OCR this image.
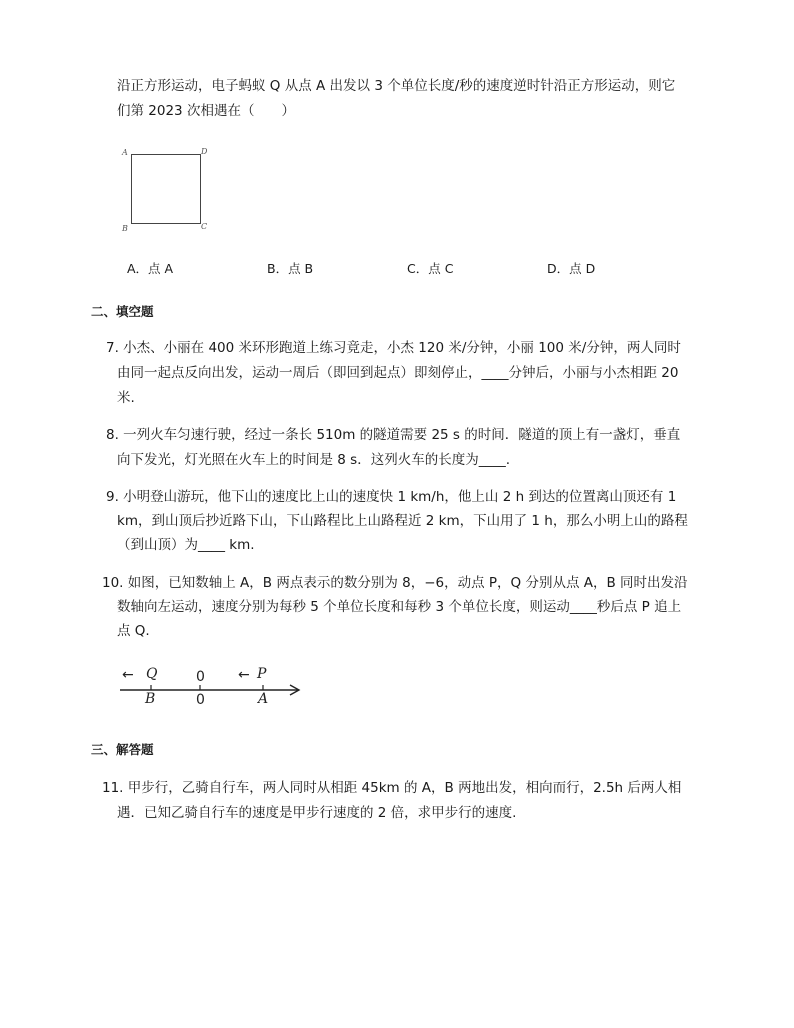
沿正方形运动，电子蚂蚁 Q 从点 A 出发以 3 个单位长度/秒的速度逆时针沿正方形运动，则它
们第 2023 次相遇在（　　）
A	D
B	C
A．点 A	B．点 B	C．点 C	D．点 D
二、填空题
7. 小杰、小丽在 400 米环形跑道上练习竟走，小杰 120 米/分钟，小丽 100 米/分钟，两人同时
由同一起点反向出发，运动一周后（即回到起点）即刻停止，____分钟后，小丽与小杰相距 20
米.
8. 一列火车匀速行驶，经过一条长 510m 的隧道需要 25 s 的时间．隧道的顶上有一盏灯，垂直
向下发光，灯光照在火车上的时间是 8 s．这列火车的长度为____.
9. 小明登山游玩，他下山的速度比上山的速度快 1 km/h，他上山 2 h 到达的位置离山顶还有 1
km，到山顶后抄近路下山，下山路程比上山路程近 2 km，下山用了 1 h，那么小明上山的路程
（到山顶）为____ km.
10. 如图，已知数轴上 A，B 两点表示的数分别为 8，−6，动点 P，Q 分别从点 A，B 同时出发沿
数轴向左运动，速度分别为每秒 5 个单位长度和每秒 3 个单位长度，则运动____秒后点 P 追上
点 Q.
← Q	0 ← P
B	0	A
三、解答题
11. 甲步行，乙骑自行车，两人同时从相距 45km 的 A，B 两地出发，相向而行，2.5h 后两人相
遇．已知乙骑自行车的速度是甲步行速度的 2 倍，求甲步行的速度.
